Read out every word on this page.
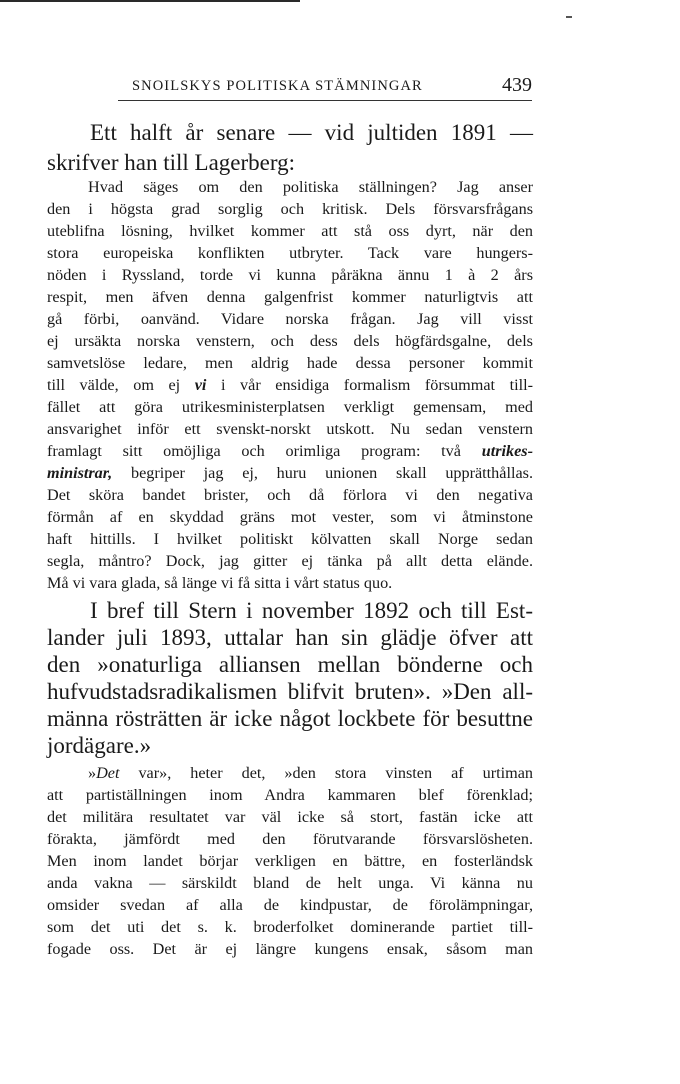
SNOILSKYS POLITISKA STÄMNINGAR	439
Ett halft år senare — vid jultiden 1891 —
skrifver han till Lagerberg:
Hvad säges om den politiska ställningen? Jag anser
den i högsta grad sorglig och kritisk. Dels försvarsfrågans
uteblifna lösning, hvilket kommer att stå oss dyrt, när den
stora europeiska konflikten utbryter. Tack vare hungers-
nöden i Ryssland, torde vi kunna påräkna ännu 1 à 2 års
respit, men äfven denna galgenfrist kommer naturligtvis att
gå förbi, oanvänd. Vidare norska frågan. Jag vill visst
ej ursäkta norska venstern, och dess dels högfärdsgalne, dels
samvetslöse ledare, men aldrig hade dessa personer kommit
till välde, om ej vi i vår ensidiga formalism försummat till-
fället att göra utrikesministerplatsen verkligt gemensam, med
ansvarighet inför ett svenskt-norskt utskott. Nu sedan venstern
framlagt sitt omöjliga och orimliga program: två utrikes-
ministrar, begriper jag ej, huru unionen skall upprätthållas.
Det sköra bandet brister, och då förlora vi den negativa
förmån af en skyddad gräns mot vester, som vi åtminstone
haft hittills. I hvilket politiskt kölvatten skall Norge sedan
segla, måntro? Dock, jag gitter ej tänka på allt detta elände.
Må vi vara glada, så länge vi få sitta i vårt status quo.
I bref till Stern i november 1892 och till Est-
lander juli 1893, uttalar han sin glädje öfver att
den »onaturliga alliansen mellan bönderne och
hufvudstadsradikalismen blifvit bruten». »Den all-
männa rösträtten är icke något lockbete för besuttne
jordägare.»
»Det var», heter det, »den stora vinsten af urtiman
att partiställningen inom Andra kammaren blef förenklad;
det militära resultatet var väl icke så stort, fastän icke att
förakta, jämfördt med den förutvarande försvarslösheten.
Men inom landet börjar verkligen en bättre, en fosterländsk
anda vakna — särskildt bland de helt unga. Vi känna nu
omsider svedan af alla de kindpustar, de förolämpningar,
som det uti det s. k. broderfolket dominerande partiet till-
fogade oss. Det är ej längre kungens ensak, såsom man
